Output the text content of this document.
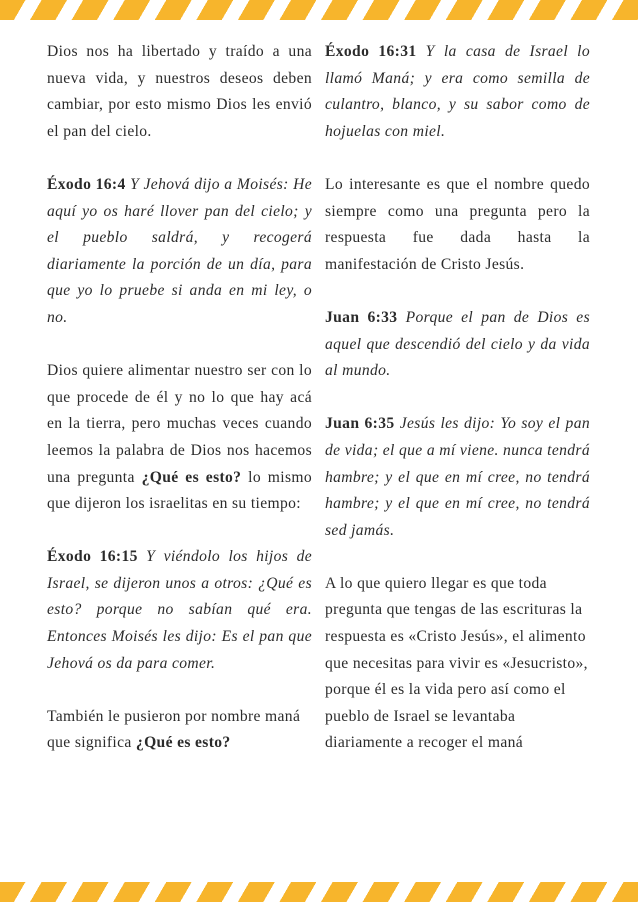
Dios nos ha libertado y traído a una nueva vida, y nuestros deseos deben cambiar, por esto mismo Dios les envió el pan del cielo.

Éxodo 16:4 Y Jehová dijo a Moisés: He aquí yo os haré llover pan del cielo; y el pueblo saldrá, y recogerá diariamente la porción de un día, para que yo lo pruebe si anda en mi ley, o no.

Dios quiere alimentar nuestro ser con lo que procede de él y no lo que hay acá en la tierra, pero muchas veces cuando leemos la palabra de Dios nos hacemos una pregunta ¿Qué es esto? lo mismo que dijeron los israelitas en su tiempo:

Éxodo 16:15 Y viéndolo los hijos de Israel, se dijeron unos a otros: ¿Qué es esto? porque no sabían qué era. Entonces Moisés les dijo: Es el pan que Jehová os da para comer.

También le pusieron por nombre maná que significa ¿Qué es esto?

Éxodo 16:31 Y la casa de Israel lo llamó Maná; y era como semilla de culantro, blanco, y su sabor como de hojuelas con miel.

Lo interesante es que el nombre quedo siempre como una pregunta pero la respuesta fue dada hasta la manifestación de Cristo Jesús.

Juan 6:33 Porque el pan de Dios es aquel que descendió del cielo y da vida al mundo.

Juan 6:35 Jesús les dijo: Yo soy el pan de vida; el que a mí viene. nunca tendrá hambre; y el que en mí cree, no tendrá hambre; y el que en mí cree, no tendrá sed jamás.

A lo que quiero llegar es que toda pregunta que tengas de las escrituras la respuesta es «Cristo Jesús», el alimento que necesitas para vivir es «Jesucristo», porque él es la vida pero así como el pueblo de Israel se levantaba diariamente a recoger el maná
